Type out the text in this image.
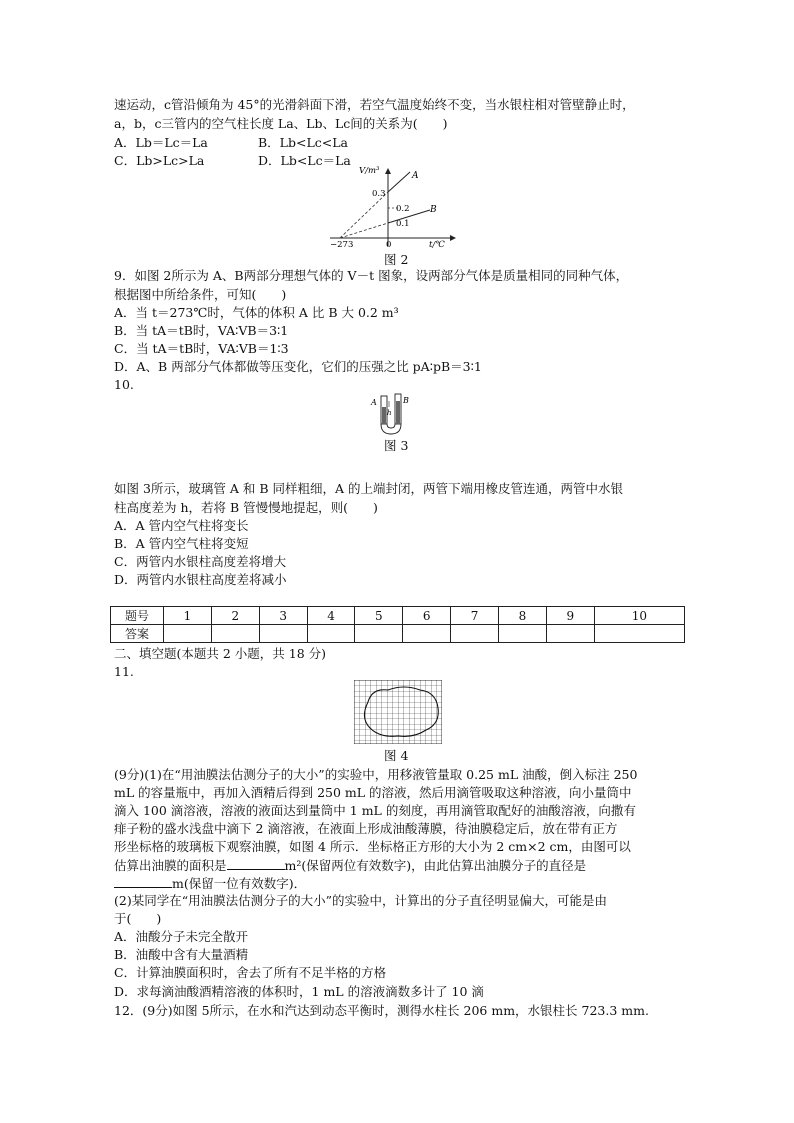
速运动，c管沿倾角为 45°的光滑斜面下滑，若空气温度始终不变，当水银柱相对管壁静止时，
a，b，c三管内的空气柱长度 La、Lb、Lc间的关系为(　　)
A．Lb＝Lc＝La	B．Lb<Lc<La
C．Lb>Lc>La	D．Lb<Lc＝La
V/m³
0.3
0.2
0.1
A
B
−273	0	t/℃
图 2
9．如图 2所示为 A、B两部分理想气体的 V－t 图象，设两部分气体是质量相同的同种气体，
根据图中所给条件，可知(　　)
A．当 t＝273℃时，气体的体积 A 比 B 大 0.2 m³
B．当 tA＝tB时，VA∶VB＝3∶1
C．当 tA＝tB时，VA∶VB＝1∶3
D．A、B 两部分气体都做等压变化，它们的压强之比 pA∶pB＝3∶1
10.
A	B
h
图 3
如图 3所示，玻璃管 A 和 B 同样粗细，A 的上端封闭，两管下端用橡皮管连通，两管中水银
柱高度差为 h，若将 B 管慢慢地提起，则(　　)
A．A 管内空气柱将变长
B．A 管内空气柱将变短
C．两管内水银柱高度差将增大
D．两管内水银柱高度差将减小
题号	1	2	3	4	5	6	7	8	9	10
答案										
二、填空题(本题共 2 小题，共 18 分)
11.
图 4
(9分)(1)在“用油膜法估测分子的大小”的实验中，用移液管量取 0.25 mL 油酸，倒入标注 250
mL 的容量瓶中，再加入酒精后得到 250 mL 的溶液，然后用滴管吸取这种溶液，向小量筒中
滴入 100 滴溶液，溶液的液面达到量筒中 1 mL 的刻度，再用滴管取配好的油酸溶液，向撒有
痱子粉的盛水浅盘中滴下 2 滴溶液，在液面上形成油酸薄膜，待油膜稳定后，放在带有正方
形坐标格的玻璃板下观察油膜，如图 4 所示．坐标格正方形的大小为 2 cm×2 cm，由图可以
估算出油膜的面积是	m²(保留两位有效数字)，由此估算出油膜分子的直径是
m(保留一位有效数字)．
(2)某同学在“用油膜法估测分子的大小”的实验中，计算出的分子直径明显偏大，可能是由
于(　　)
A．油酸分子未完全散开
B．油酸中含有大量酒精
C．计算油膜面积时，舍去了所有不足半格的方格
D．求每滴油酸酒精溶液的体积时，1 mL 的溶液滴数多计了 10 滴
12．(9分)如图 5所示，在水和汽达到动态平衡时，测得水柱长 206 mm，水银柱长 723.3 mm.
